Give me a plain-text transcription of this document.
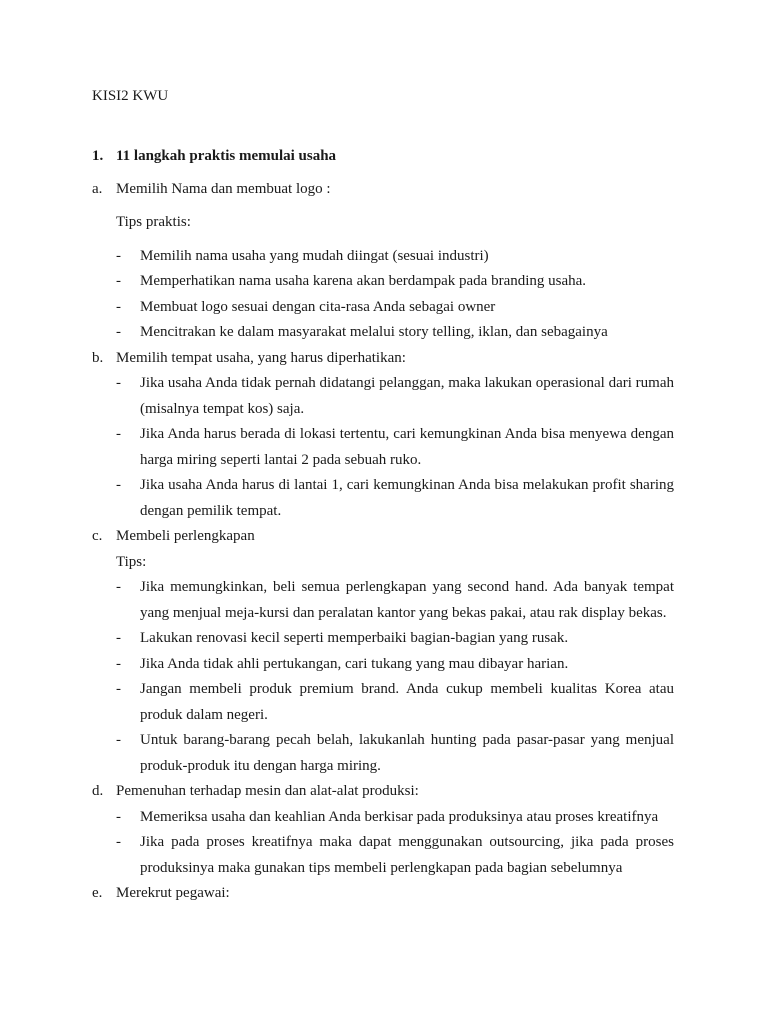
KISI2 KWU
1. 11 langkah praktis memulai usaha
a. Memilih Nama dan membuat logo :
Tips praktis:
-	Memilih nama usaha yang mudah diingat (sesuai industri)
-	Memperhatikan nama usaha karena akan berdampak pada branding usaha.
-	Membuat logo sesuai dengan cita-rasa Anda sebagai owner
-	Mencitrakan ke dalam masyarakat melalui story telling, iklan, dan sebagainya
b. Memilih tempat usaha, yang harus diperhatikan:
-	Jika usaha Anda tidak pernah didatangi pelanggan, maka lakukan operasional dari rumah (misalnya tempat kos) saja.
-	Jika Anda harus berada di lokasi tertentu, cari kemungkinan Anda bisa menyewa dengan harga miring seperti lantai 2 pada sebuah ruko.
-	Jika usaha Anda harus di lantai 1, cari kemungkinan Anda bisa melakukan profit sharing dengan pemilik tempat.
c. Membeli perlengkapan
Tips:
-	Jika memungkinkan, beli semua perlengkapan yang second hand. Ada banyak tempat yang menjual meja-kursi dan peralatan kantor yang bekas pakai, atau rak display bekas.
-	Lakukan renovasi kecil seperti memperbaiki bagian-bagian yang rusak.
-	Jika Anda tidak ahli pertukangan, cari tukang yang mau dibayar harian.
-	Jangan membeli produk premium brand. Anda cukup membeli kualitas Korea atau produk dalam negeri.
-	Untuk barang-barang pecah belah, lakukanlah hunting pada pasar-pasar yang menjual produk-produk itu dengan harga miring.
d. Pemenuhan terhadap mesin dan alat-alat produksi:
-	Memeriksa usaha dan keahlian Anda berkisar pada produksinya atau proses kreatifnya
-	Jika pada proses kreatifnya maka dapat menggunakan outsourcing, jika pada proses produksinya maka gunakan tips membeli perlengkapan pada bagian sebelumnya
e. Merekrut pegawai:
